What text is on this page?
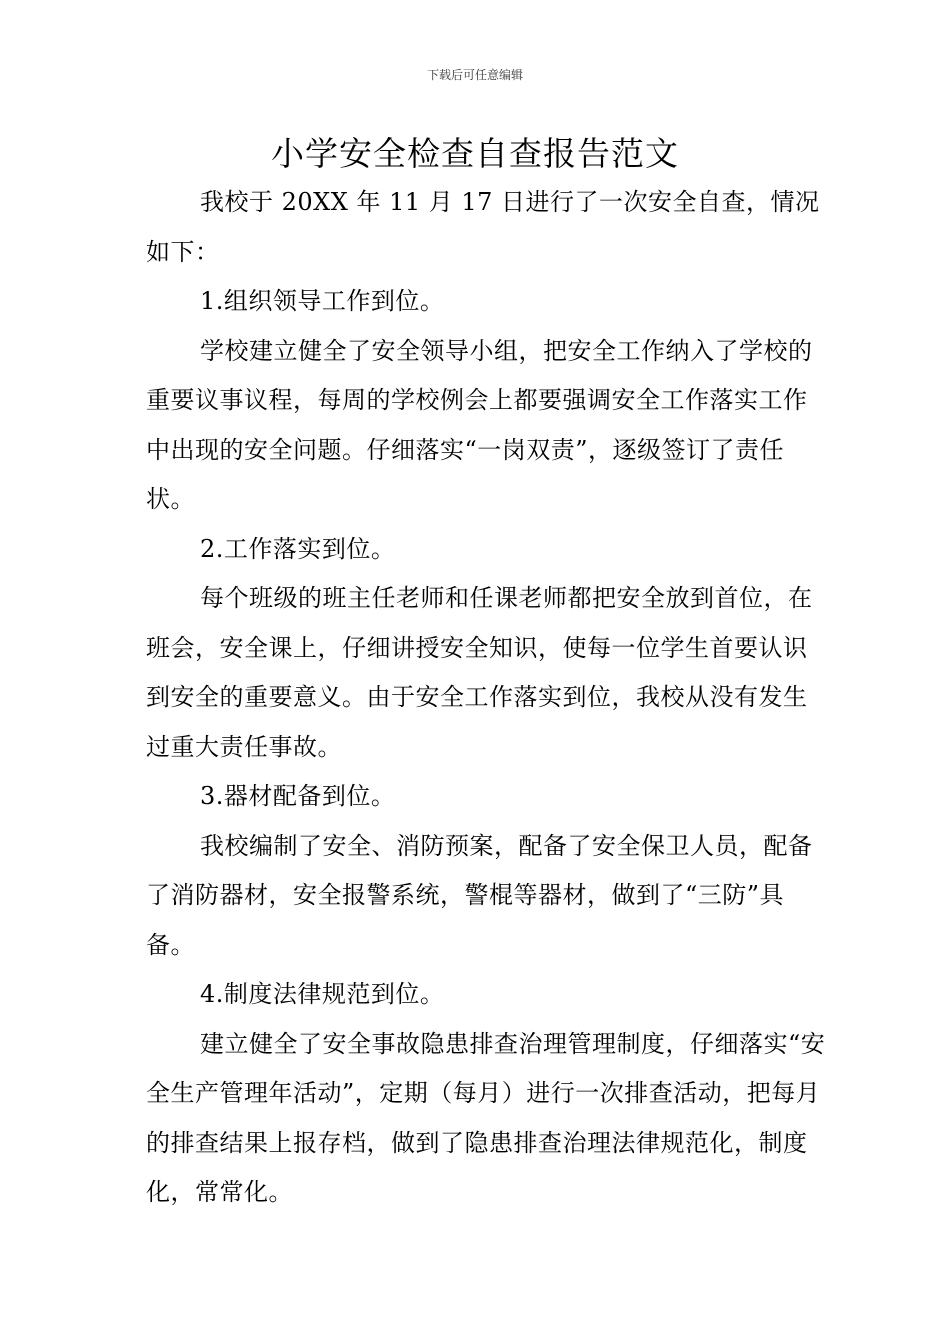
下载后可任意编辑
小学安全检查自查报告范文

我校于 20XX 年 11 月 17 日进行了一次安全自查，情况如下：

1.组织领导工作到位。

学校建立健全了安全领导小组，把安全工作纳入了学校的重要议事议程，每周的学校例会上都要强调安全工作落实工作中出现的安全问题。仔细落实“一岗双责”，逐级签订了责任状。

2.工作落实到位。

每个班级的班主任老师和任课老师都把安全放到首位，在班会，安全课上，仔细讲授安全知识，使每一位学生首要认识到安全的重要意义。由于安全工作落实到位，我校从没有发生过重大责任事故。

3.器材配备到位。

我校编制了安全、消防预案，配备了安全保卫人员，配备了消防器材，安全报警系统，警棍等器材，做到了“三防”具备。

4.制度法律规范到位。

建立健全了安全事故隐患排查治理管理制度，仔细落实“安全生产管理年活动”，定期（每月）进行一次排查活动，把每月的排查结果上报存档，做到了隐患排查治理法律规范化，制度化，常常化。
